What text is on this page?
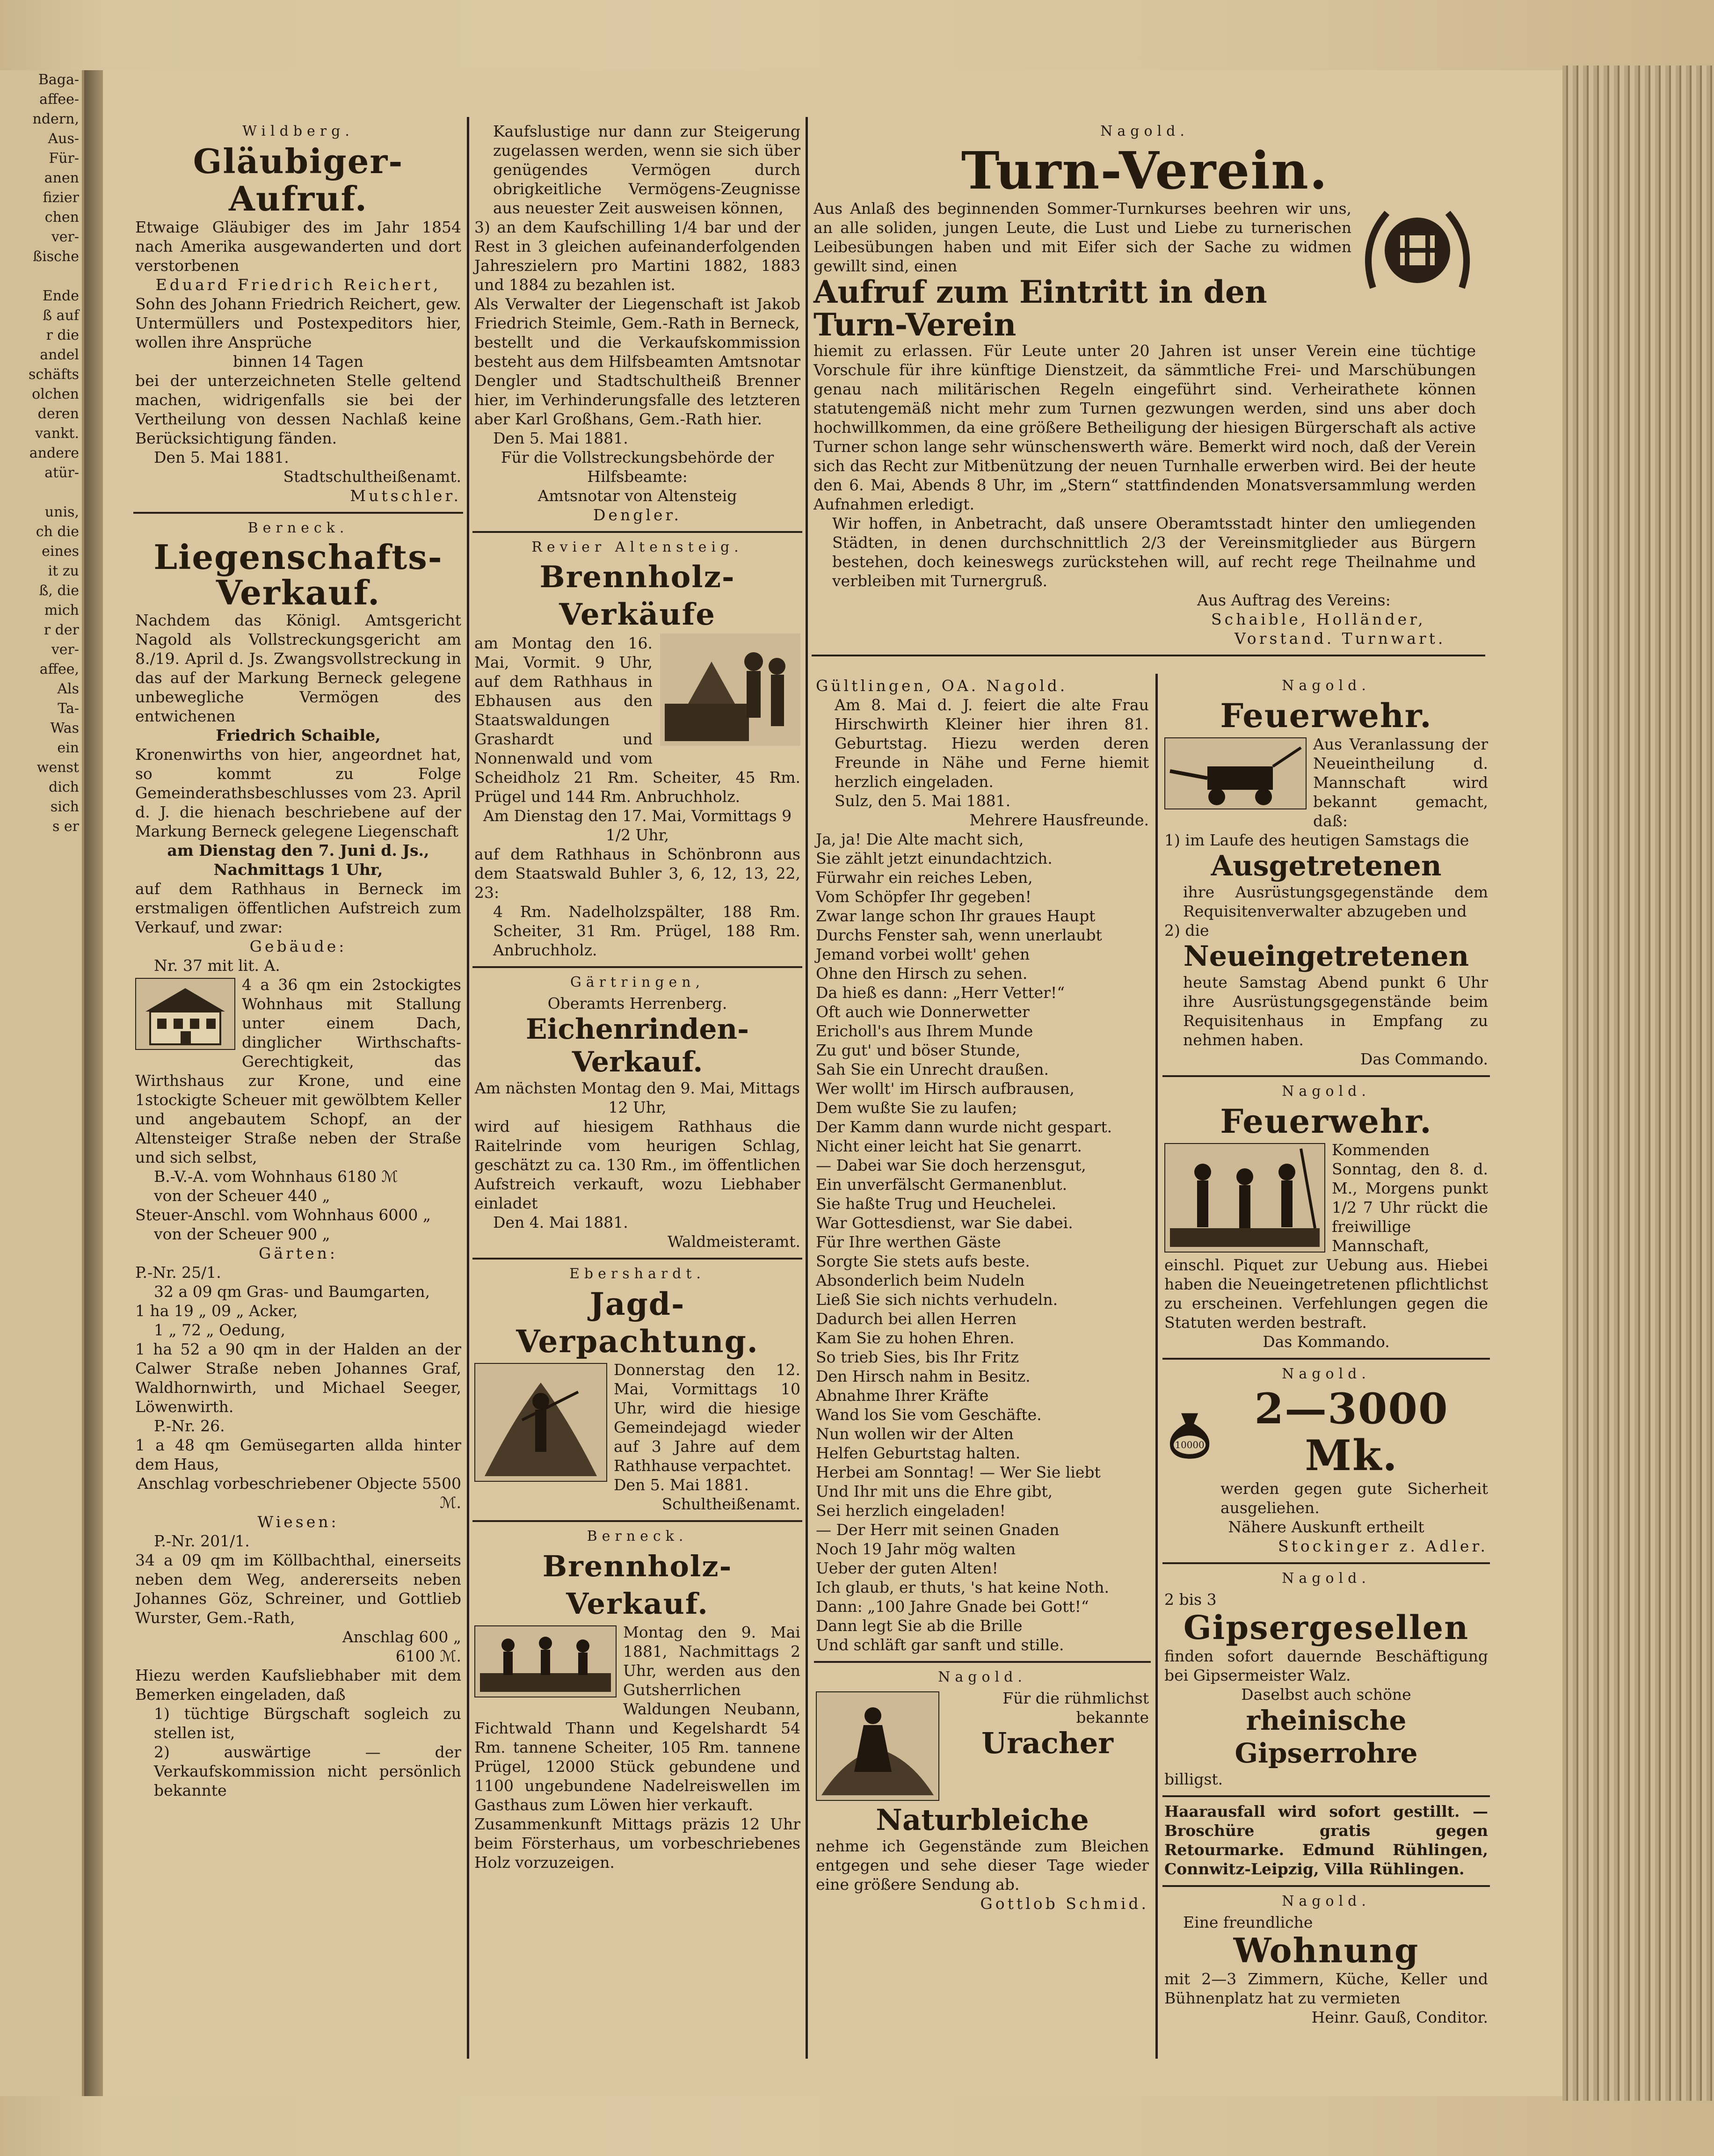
Baga-
affee-
ndern,
Aus-
Für-
anen
fizier
chen
ver-
ßische

Ende
ß auf
r die
andel
schäfts
olchen
deren
vankt.
andere
atür-

unis,
ch die
eines
it zu
ß, die
mich
r der
ver-
affee,
Als
Ta-
Was
ein
wenst
dich
sich
s er
Wildberg.
Gläubiger-Aufruf.
Etwaige Gläubiger des im Jahr 1854 nach Amerika ausgewanderten und dort verstorbenen
Eduard Friedrich Reichert,
Sohn des Johann Friedrich Reichert, gew. Untermüllers und Postexpeditors hier, wollen ihre Ansprüche
binnen 14 Tagen
bei der unterzeichneten Stelle geltend machen, widrigenfalls sie bei der Vertheilung von dessen Nachlaß keine Berücksichtigung fänden.
Den 5. Mai 1881.
Stadtschultheißenamt.
Mutschler.
Berneck.
Liegenschafts-Verkauf.
Nachdem das Königl. Amtsgericht Nagold als Vollstreckungsgericht am 8./19. April d. Js. Zwangsvollstreckung in das auf der Markung Berneck gelegene unbewegliche Vermögen des entwichenen
Friedrich Schaible,
Kronenwirths von hier, angeordnet hat, so kommt zu Folge Gemeinderathsbeschlusses vom 23. April d. J. die hienach beschriebene auf der Markung Berneck gelegene Liegenschaft
am Dienstag den 7. Juni d. Js., Nachmittags 1 Uhr,
auf dem Rathhaus in Berneck im erstmaligen öffentlichen Aufstreich zum Verkauf, und zwar:
Gebäude:
Nr. 37 mit lit. A.
4 a 36 qm ein 2stockigtes Wohnhaus mit Stallung unter einem Dach, dinglicher Wirthschafts-Gerechtigkeit, das Wirthshaus zur Krone, und eine 1stockigte Scheuer mit gewölbtem Keller und angebautem Schopf, an der Altensteiger Straße neben der Straße und sich selbst,
B.-V.-A. vom Wohnhaus 6180 ℳ
von der Scheuer 440 „
Steuer-Anschl. vom Wohnhaus 6000 „
von der Scheuer 900 „
Gärten:
P.-Nr. 25/1.
32 a 09 qm Gras- und Baumgarten,
1 ha 19 „ 09 „ Acker,
1 „ 72 „ Oedung,
1 ha 52 a 90 qm in der Halden an der Calwer Straße neben Johannes Graf, Waldhornwirth, und Michael Seeger, Löwenwirth.
P.-Nr. 26.
1 a 48 qm Gemüsegarten allda hinter dem Haus,
Anschlag vorbeschriebener Objecte 5500 ℳ.
Wiesen:
P.-Nr. 201/1.
34 a 09 qm im Köllbachthal, einerseits neben dem Weg, andererseits neben Johannes Göz, Schreiner, und Gottlieb Wurster, Gem.-Rath,
Anschlag 600 „
6100 ℳ.
Hiezu werden Kaufsliebhaber mit dem Bemerken eingeladen, daß
1) tüchtige Bürgschaft sogleich zu stellen ist,
2) auswärtige — der Verkaufskommission nicht persönlich bekannte
Kaufslustige nur dann zur Steigerung zugelassen werden, wenn sie sich über genügendes Vermögen durch obrigkeitliche Vermögens-Zeugnisse aus neuester Zeit ausweisen können,
3) an dem Kaufschilling 1/4 bar und der Rest in 3 gleichen aufeinanderfolgenden Jahreszielern pro Martini 1882, 1883 und 1884 zu bezahlen ist.
Als Verwalter der Liegenschaft ist Jakob Friedrich Steimle, Gem.-Rath in Berneck,
bestellt und die Verkaufskommission besteht aus dem Hilfsbeamten Amtsnotar Dengler und Stadtschultheiß Brenner hier, im Verhinderungsfalle des letzteren aber Karl Großhans, Gem.-Rath hier.
Den 5. Mai 1881.
Für die Vollstreckungsbehörde der Hilfsbeamte:
Amtsnotar von Altensteig
Dengler.
Revier Altensteig.
Brennholz-Verkäufe
am Montag den 16. Mai, Vormit. 9 Uhr, auf dem Rathhaus in Ebhausen aus den Staatswaldungen Grashardt und Nonnenwald und vom Scheidholz 21 Rm. Scheiter, 45 Rm. Prügel und 144 Rm. Anbruchholz.
Am Dienstag den 17. Mai, Vormittags 9 1/2 Uhr,
auf dem Rathhaus in Schönbronn aus dem Staatswald Buhler 3, 6, 12, 13, 22, 23:
4 Rm. Nadelholzspälter, 188 Rm. Scheiter, 31 Rm. Prügel, 188 Rm. Anbruchholz.
Gärtringen,
Oberamts Herrenberg.
Eichenrinden-Verkauf.
Am nächsten Montag den 9. Mai, Mittags 12 Uhr,
wird auf hiesigem Rathhaus die Raitelrinde vom heurigen Schlag, geschätzt zu ca. 130 Rm., im öffentlichen Aufstreich verkauft, wozu Liebhaber einladet
Den 4. Mai 1881.
Waldmeisteramt.
Ebershardt.
Jagd-Verpachtung.
Donnerstag den 12. Mai, Vormittags 10 Uhr, wird die hiesige Gemeindejagd wieder auf 3 Jahre auf dem Rathhause verpachtet.
Den 5. Mai 1881.
Schultheißenamt.
Berneck.
Brennholz-Verkauf.
Montag den 9. Mai 1881, Nachmittags 2 Uhr, werden aus den Gutsherrlichen Waldungen Neubann, Fichtwald Thann und Kegelshardt 54 Rm. tannene Scheiter, 105 Rm. tannene Prügel, 12000 Stück gebundene und 1100 ungebundene Nadelreiswellen im Gasthaus zum Löwen hier verkauft.
Zusammenkunft Mittags präzis 12 Uhr beim Försterhaus, um vorbeschriebenes Holz vorzuzeigen.
Nagold.
Turn-Verein.
Aus Anlaß des beginnenden Sommer-Turnkurses beehren wir uns, an alle soliden, jungen Leute, die Lust und Liebe zu turnerischen Leibesübungen haben und mit Eifer sich der Sache zu widmen gewillt sind, einen
Aufruf zum Eintritt in den Turn-Verein
hiemit zu erlassen. Für Leute unter 20 Jahren ist unser Verein eine tüchtige Vorschule für ihre künftige Dienstzeit, da sämmtliche Frei- und Marschübungen genau nach militärischen Regeln eingeführt sind. Verheirathete können statutengemäß nicht mehr zum Turnen gezwungen werden, sind uns aber doch hochwillkommen, da eine größere Betheiligung der hiesigen Bürgerschaft als active Turner schon lange sehr wünschenswerth wäre. Bemerkt wird noch, daß der Verein sich das Recht zur Mitbenützung der neuen Turnhalle erwerben wird. Bei der heute den 6. Mai, Abends 8 Uhr, im „Stern“ stattfindenden Monatsversammlung werden Aufnahmen erledigt.
Wir hoffen, in Anbetracht, daß unsere Oberamtsstadt hinter den umliegenden Städten, in denen durchschnittlich 2/3 der Vereinsmitglieder aus Bürgern bestehen, doch keineswegs zurückstehen will, auf recht rege Theilnahme und verbleiben mit Turnergruß.
Aus Auftrag des Vereins:
Schaible, Holländer,
Vorstand. Turnwart.
Gültlingen, OA. Nagold.
Am 8. Mai d. J. feiert die alte Frau Hirschwirth Kleiner hier ihren 81. Geburtstag. Hiezu werden deren Freunde in Nähe und Ferne hiemit herzlich eingeladen.
Sulz, den 5. Mai 1881.
Mehrere Hausfreunde.
Ja, ja! Die Alte macht sich,
Sie zählt jetzt einundachtzich.
Fürwahr ein reiches Leben,
Vom Schöpfer Ihr gegeben!
Zwar lange schon Ihr graues Haupt
Durchs Fenster sah, wenn unerlaubt
Jemand vorbei wollt' gehen
Ohne den Hirsch zu sehen.
Da hieß es dann: „Herr Vetter!“
Oft auch wie Donnerwetter
Ericholl's aus Ihrem Munde
Zu gut' und böser Stunde,
Sah Sie ein Unrecht draußen.
Wer wollt' im Hirsch aufbrausen,
Dem wußte Sie zu laufen;
Der Kamm dann wurde nicht gespart.
Nicht einer leicht hat Sie genarrt.
— Dabei war Sie doch herzensgut,
Ein unverfälscht Germanenblut.
Sie haßte Trug und Heuchelei.
War Gottesdienst, war Sie dabei.
Für Ihre werthen Gäste
Sorgte Sie stets aufs beste.
Absonderlich beim Nudeln
Ließ Sie sich nichts verhudeln.
Dadurch bei allen Herren
Kam Sie zu hohen Ehren.
So trieb Sies, bis Ihr Fritz
Den Hirsch nahm in Besitz.
Abnahme Ihrer Kräfte
Wand los Sie vom Geschäfte.
Nun wollen wir der Alten
Helfen Geburtstag halten.
Herbei am Sonntag! — Wer Sie liebt
Und Ihr mit uns die Ehre gibt,
Sei herzlich eingeladen!
— Der Herr mit seinen Gnaden
Noch 19 Jahr mög walten
Ueber der guten Alten!
Ich glaub, er thuts, 's hat keine Noth.
Dann: „100 Jahre Gnade bei Gott!“
Dann legt Sie ab die Brille
Und schläft gar sanft und stille.
Nagold.
Für die rühmlichst bekannte
Uracher
Naturbleiche
nehme ich Gegenstände zum Bleichen entgegen und sehe dieser Tage wieder eine größere Sendung ab.
Gottlob Schmid.
Nagold.
Feuerwehr.
Aus Veranlassung der Neueintheilung d. Mannschaft wird bekannt gemacht, daß:
1) im Laufe des heutigen Samstags die
Ausgetretenen
ihre Ausrüstungsgegenstände dem Requisitenverwalter abzugeben und
2) die
Neueingetretenen
heute Samstag Abend punkt 6 Uhr ihre Ausrüstungsgegenstände beim Requisitenhaus in Empfang zu nehmen haben.
Das Commando.
Nagold.
Feuerwehr.
Kommenden Sonntag, den 8. d. M., Morgens punkt 1/2 7 Uhr rückt die freiwillige Mannschaft, einschl. Piquet zur Uebung aus. Hiebei haben die Neueingetretenen pflichtlichst zu erscheinen. Verfehlungen gegen die Statuten werden bestraft.
Das Kommando.
Nagold.
10000
2—3000 Mk.
werden gegen gute Sicherheit ausgeliehen.
Nähere Auskunft ertheilt
Stockinger z. Adler.
Nagold.
2 bis 3
Gipsergesellen
finden sofort dauernde Beschäftigung bei Gipsermeister Walz.
Daselbst auch schöne
rheinische Gipserrohre
billigst.
Haarausfall wird sofort gestillt. — Broschüre gratis gegen Retourmarke. Edmund Rühlingen, Connwitz-Leipzig, Villa Rühlingen.
Nagold.
Eine freundliche
Wohnung
mit 2—3 Zimmern, Küche, Keller und Bühnenplatz hat zu vermieten
Heinr. Gauß, Conditor.
